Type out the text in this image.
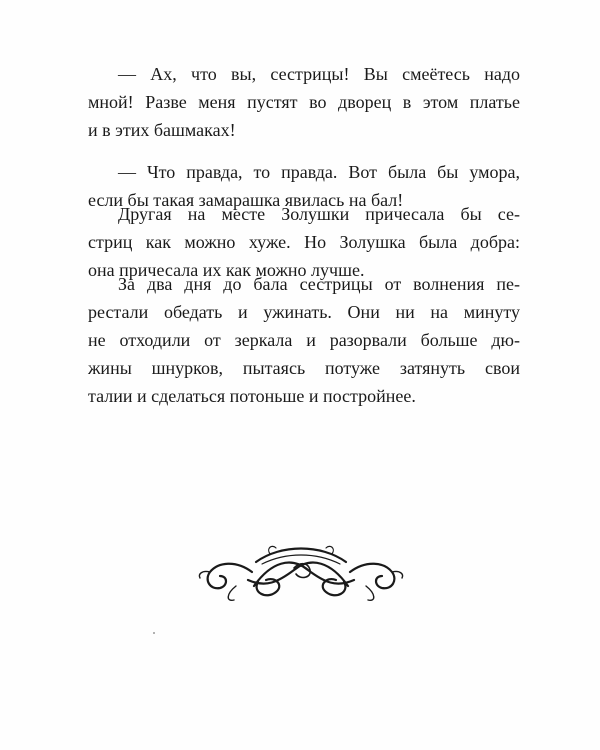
— Ах, что вы, сестрицы! Вы смеётесь надо
мной! Разве меня пустят во дворец в этом платье
и в этих башмаках!
— Что правда, то правда. Вот была бы умора,
если бы такая замарашка явилась на бал!
Другая на месте Золушки причесала бы се-
стриц как можно хуже. Но Золушка была добра:
она причесала их как можно лучше.
За два дня до бала сестрицы от волнения пе-
рестали обедать и ужинать. Они ни на минуту
не отходили от зеркала и разорвали больше дю-
жины шнурков, пытаясь потуже затянуть свои
талии и сделаться потоньше и постройнее.
